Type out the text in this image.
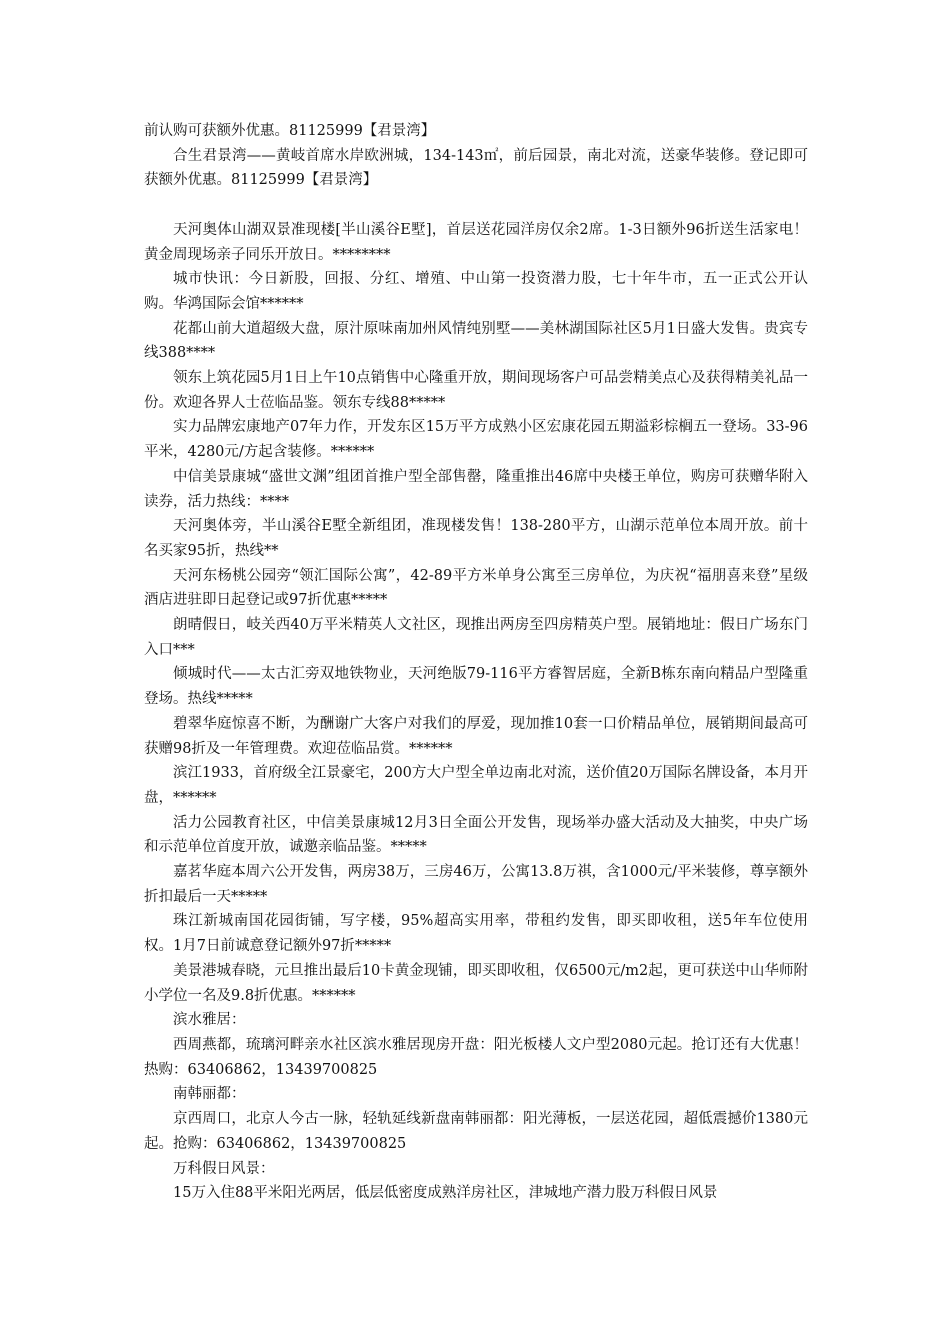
前认购可获额外优惠。81125999【君景湾】

合生君景湾——黄岐首席水岸欧洲城，134-143㎡，前后园景，南北对流，送豪华装修。登记即可获额外优惠。81125999【君景湾】

天河奥体山湖双景准现楼[半山溪谷E墅]，首层送花园洋房仅余2席。1-3日额外96折送生活家电！黄金周现场亲子同乐开放日。********

城市快讯：今日新股，回报、分红、增殖、中山第一投资潜力股，七十年牛市，五一正式公开认购。华鸿国际会馆******

花都山前大道超级大盘，原汁原味南加州风情纯别墅——美林湖国际社区5月1日盛大发售。贵宾专线388****

领东上筑花园5月1日上午10点销售中心隆重开放，期间现场客户可品尝精美点心及获得精美礼品一份。欢迎各界人士莅临品鉴。领东专线88*****

实力品牌宏康地产07年力作，开发东区15万平方成熟小区宏康花园五期溢彩棕榈五一登场。33-96平米，4280元/方起含装修。******

中信美景康城“盛世文渊”组团首推户型全部售罄，隆重推出46席中央楼王单位，购房可获赠华附入读券，活力热线：****

天河奥体旁，半山溪谷E墅全新组团，准现楼发售！138-280平方，山湖示范单位本周开放。前十名买家95折，热线**

天河东杨桃公园旁“领汇国际公寓”，42-89平方米单身公寓至三房单位，为庆祝“福朋喜来登”星级酒店进驻即日起登记或97折优惠*****

朗晴假日，岐关西40万平米精英人文社区，现推出两房至四房精英户型。展销地址：假日广场东门入口***

倾城时代——太古汇旁双地铁物业，天河绝版79-116平方睿智居庭，全新B栋东南向精品户型隆重登场。热线*****

碧翠华庭惊喜不断，为酬谢广大客户对我们的厚爱，现加推10套一口价精品单位，展销期间最高可获赠98折及一年管理费。欢迎莅临品赏。******

滨江1933，首府级全江景豪宅，200方大户型全单边南北对流，送价值20万国际名牌设备，本月开盘，******

活力公园教育社区，中信美景康城12月3日全面公开发售，现场举办盛大活动及大抽奖，中央广场和示范单位首度开放，诚邀亲临品鉴。*****

嘉茗华庭本周六公开发售，两房38万，三房46万，公寓13.8万祺，含1000元/平米装修，尊享额外折扣最后一天*****

珠江新城南国花园街铺，写字楼，95%超高实用率，带租约发售，即买即收租，送5年车位使用权。1月7日前诚意登记额外97折*****

美景港城春晓，元旦推出最后10卡黄金现铺，即买即收租，仅6500元/m2起，更可获送中山华师附小学位一名及9.8折优惠。******

滨水雅居：

西周燕都，琉璃河畔亲水社区滨水雅居现房开盘：阳光板楼人文户型2080元起。抢订还有大优惠！热购：63406862，13439700825

南韩丽都：

京西周口，北京人今古一脉，轻轨延线新盘南韩丽都：阳光薄板，一层送花园，超低震撼价1380元起。抢购：63406862，13439700825

万科假日风景：

15万入住88平米阳光两居，低层低密度成熟洋房社区，津城地产潜力股万科假日风景
